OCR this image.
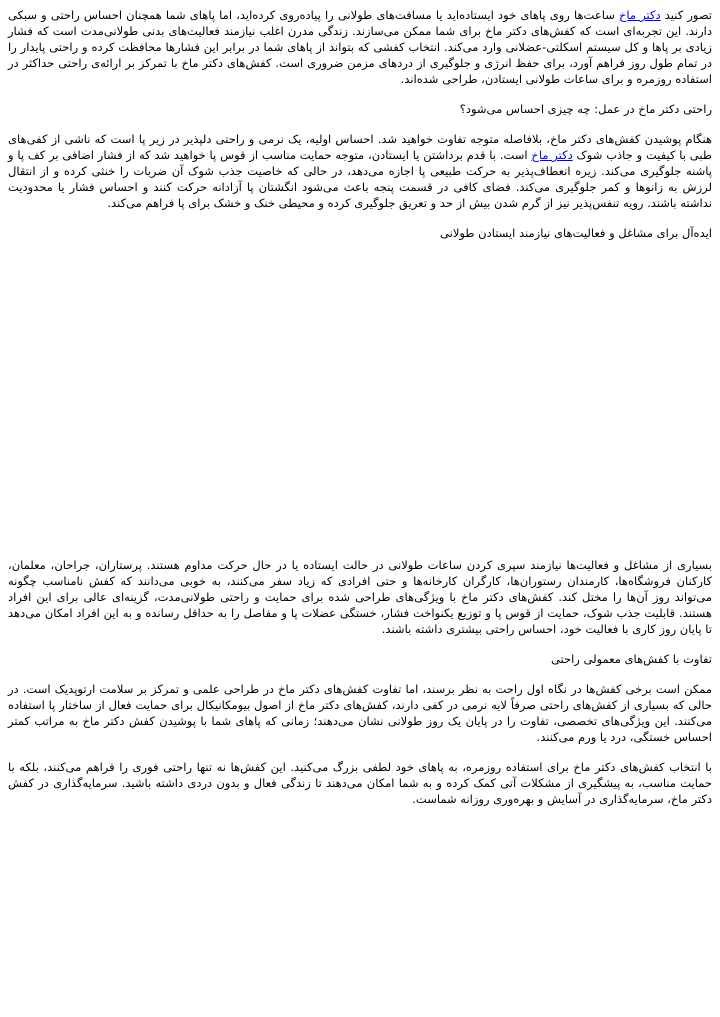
تصور کنید دکتر ماخ ساعت‌ها روی پاهای خود ایستاده‌اید یا مسافت‌های طولانی را پیاده‌روی کرده‌اید، اما پاهای شما همچنان احساس راحتی و سبکی دارند. این تجربه‌ای است که کفش‌های دکتر ماخ برای شما ممکن می‌سازند. زندگی مدرن اغلب نیازمند فعالیت‌های بدنی طولانی‌مدت است که فشار زیادی بر پاها و کل سیستم اسکلتی-عضلانی وارد می‌کند. انتخاب کفشی که بتواند از پاهای شما در برابر این فشارها محافظت کرده و راحتی پایدار را در تمام طول روز فراهم آورد، برای حفظ انرژی و جلوگیری از دردهای مزمن ضروری است. کفش‌های دکتر ماخ با تمرکز بر ارائه‌ی راحتی حداکثر در استفاده روزمره و برای ساعات طولانی ایستادن، طراحی شده‌اند.

راحتی دکتر ماخ در عمل: چه چیزی احساس می‌شود؟

هنگام پوشیدن کفش‌های دکتر ماخ، بلافاصله متوجه تفاوت خواهید شد. احساس اولیه، یک نرمی و راحتی دلپذیر در زیر پا است که ناشی از کفی‌های طبی با کیفیت و جاذب شوک دکتر ماخ است. با قدم برداشتن یا ایستادن، متوجه حمایت مناسب از قوس پا خواهید شد که از فشار اضافی بر کف پا و پاشنه جلوگیری می‌کند. زیره انعطاف‌پذیر به حرکت طبیعی پا اجازه می‌دهد، در حالی که خاصیت جذب شوک آن ضربات را خنثی کرده و از انتقال لرزش به زانوها و کمر جلوگیری می‌کند. فضای کافی در قسمت پنجه باعث می‌شود انگشتان پا آزادانه حرکت کنند و احساس فشار یا محدودیت نداشته باشند. رویه تنفس‌پذیر نیز از گرم شدن بیش از حد و تعریق جلوگیری کرده و محیطی خنک و خشک برای پا فراهم می‌کند.

ایده‌آل برای مشاغل و فعالیت‌های نیازمند ایستادن طولانی

بسیاری از مشاغل و فعالیت‌ها نیازمند سپری کردن ساعات طولانی در حالت ایستاده یا در حال حرکت مداوم هستند. پرستاران، جراحان، معلمان، کارکنان فروشگاه‌ها، کارمندان رستوران‌ها، کارگران کارخانه‌ها و حتی افرادی که زیاد سفر می‌کنند، به خوبی می‌دانند که کفش نامناسب چگونه می‌تواند روز آن‌ها را مختل کند. کفش‌های دکتر ماخ با ویژگی‌های طراحی شده برای حمایت و راحتی طولانی‌مدت، گزینه‌ای عالی برای این افراد هستند. قابلیت جذب شوک، حمایت از قوس پا و توزیع یکنواخت فشار، خستگی عضلات پا و مفاصل را به حداقل رسانده و به این افراد امکان می‌دهد تا پایان روز کاری با فعالیت خود، احساس راحتی بیشتری داشته باشند.

تفاوت با کفش‌های معمولی راحتی

ممکن است برخی کفش‌ها در نگاه اول راحت به نظر برسند، اما تفاوت کفش‌های دکتر ماخ در طراحی علمی و تمرکز بر سلامت ارتوپدیک است. در حالی که بسیاری از کفش‌های راحتی صرفاً لایه نرمی در کفی دارند، کفش‌های دکتر ماخ از اصول بیومکانیکال برای حمایت فعال از ساختار پا استفاده می‌کنند. این ویژگی‌های تخصصی، تفاوت را در پایان یک روز طولانی نشان می‌دهند؛ زمانی که پاهای شما با پوشیدن کفش دکتر ماخ به مراتب کمتر احساس خستگی، درد یا ورم می‌کنند.

با انتخاب کفش‌های دکتر ماخ برای استفاده روزمره، به پاهای خود لطفی بزرگ می‌کنید. این کفش‌ها نه تنها راحتی فوری را فراهم می‌کنند، بلکه با حمایت مناسب، به پیشگیری از مشکلات آتی کمک کرده و به شما امکان می‌دهند تا زندگی فعال و بدون دردی داشته باشید. سرمایه‌گذاری در کفش دکتر ماخ، سرمایه‌گذاری در آسایش و بهره‌وری روزانه شماست.
